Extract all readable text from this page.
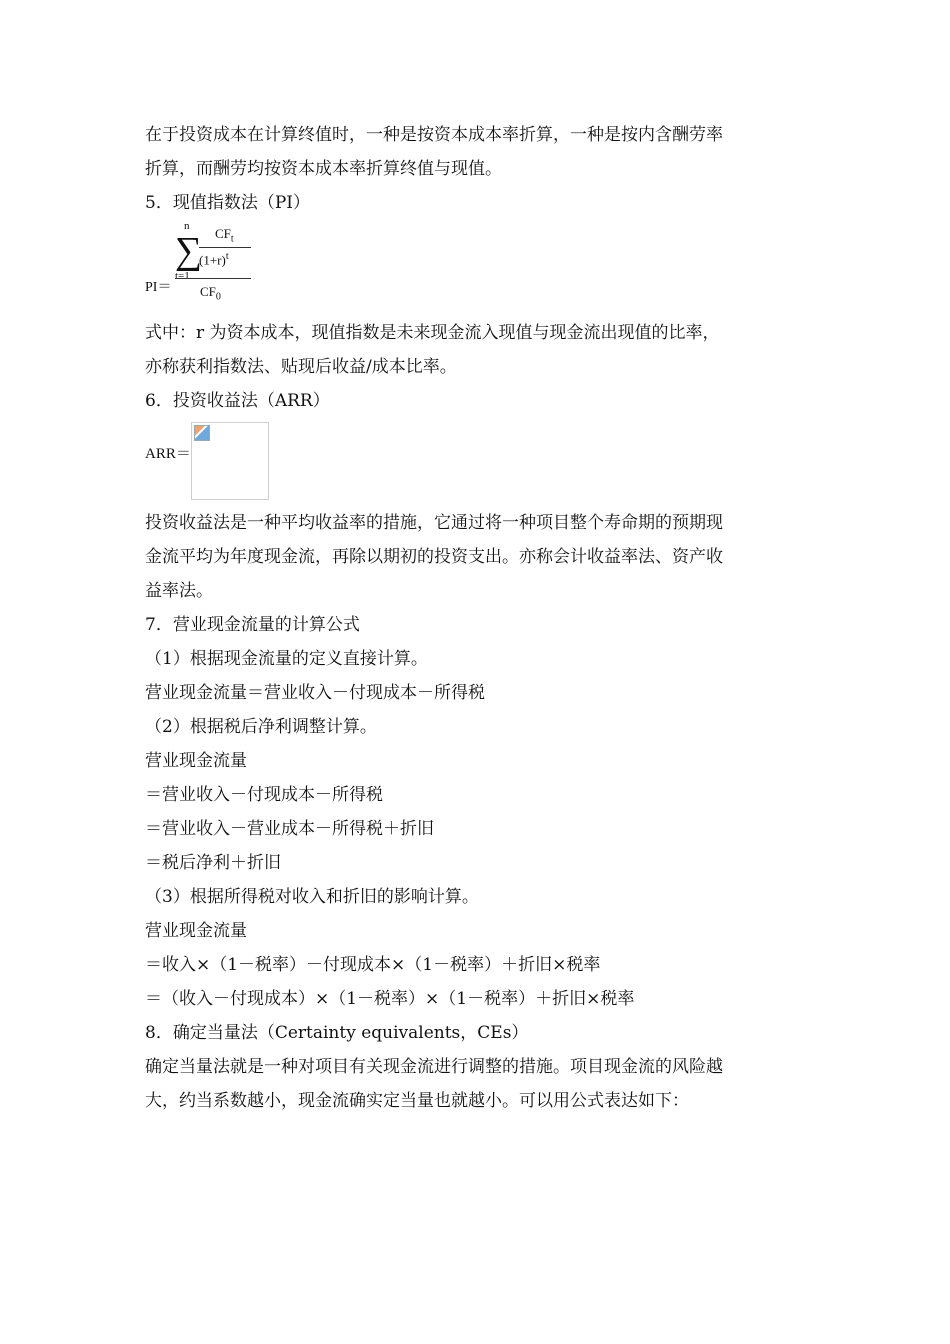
在于投资成本在计算终值时，一种是按资本成本率折算，一种是按内含酬劳率

折算，而酬劳均按资本成本率折算终值与现值。

5．现值指数法（PI）

PI＝
n
∑
t=1
$CF_t$
$(1+r)^t$
$CF_0$

式中：r 为资本成本，现值指数是未来现金流入现值与现金流出现值的比率，

亦称获利指数法、贴现后收益/成本比率。

6．投资收益法（ARR）

ARR＝

投资收益法是一种平均收益率的措施，它通过将一种项目整个寿命期的预期现

金流平均为年度现金流，再除以期初的投资支出。亦称会计收益率法、资产收

益率法。

7．营业现金流量的计算公式

（1）根据现金流量的定义直接计算。

营业现金流量＝营业收入－付现成本－所得税

（2）根据税后净利调整计算。

营业现金流量

＝营业收入－付现成本－所得税

＝营业收入－营业成本－所得税＋折旧

＝税后净利＋折旧

（3）根据所得税对收入和折旧的影响计算。

营业现金流量

＝收入×（1－税率）－付现成本×（1－税率）＋折旧×税率

＝（收入－付现成本）×（1－税率）×（1－税率）＋折旧×税率

8．确定当量法（Certainty equivalents，CEs）

确定当量法就是一种对项目有关现金流进行调整的措施。项目现金流的风险越

大，约当系数越小，现金流确实定当量也就越小。可以用公式表达如下：
